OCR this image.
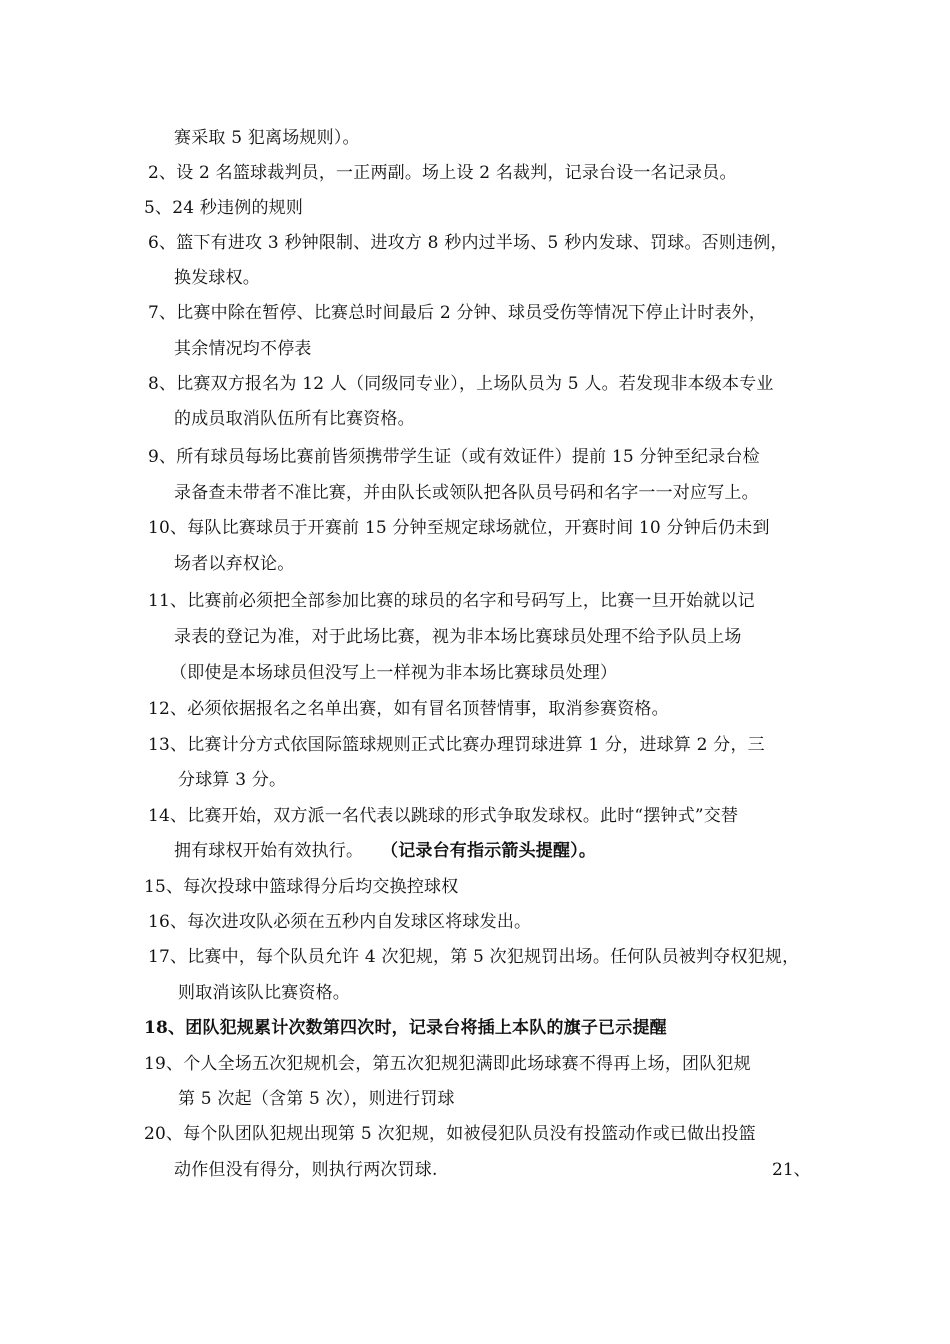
赛采取 5 犯离场规则）。
2、设 2 名篮球裁判员，一正两副。场上设 2 名裁判，记录台设一名记录员。
5、24 秒违例的规则
6、篮下有进攻 3 秒钟限制、进攻方 8 秒内过半场、5 秒内发球、罚球。否则违例，
换发球权。
7、比赛中除在暂停、比赛总时间最后 2 分钟、球员受伤等情况下停止计时表外，
其余情况均不停表
8、比赛双方报名为 12 人（同级同专业），上场队员为 5 人。若发现非本级本专业
的成员取消队伍所有比赛资格。
9、所有球员每场比赛前皆须携带学生证（或有效证件）提前 15 分钟至纪录台检
录备查未带者不准比赛，并由队长或领队把各队员号码和名字一一对应写上。
10、每队比赛球员于开赛前 15 分钟至规定球场就位，开赛时间 10 分钟后仍未到
场者以弃权论。
11、比赛前必须把全部参加比赛的球员的名字和号码写上，比赛一旦开始就以记
录表的登记为准，对于此场比赛，视为非本场比赛球员处理不给予队员上场
（即使是本场球员但没写上一样视为非本场比赛球员处理）
12、必须依据报名之名单出赛，如有冒名顶替情事，取消参赛资格。
13、比赛计分方式依国际篮球规则正式比赛办理罚球进算 1 分，进球算 2 分，三
分球算 3 分。
14、比赛开始，双方派一名代表以跳球的形式争取发球权。此时“摆钟式”交替
拥有球权开始有效执行。 （记录台有指示箭头提醒）。
15、每次投球中篮球得分后均交换控球权
16、每次进攻队必须在五秒内自发球区将球发出。
17、比赛中，每个队员允许 4 次犯规，第 5 次犯规罚出场。任何队员被判夺权犯规，
则取消该队比赛资格。
18、团队犯规累计次数第四次时，记录台将插上本队的旗子已示提醒
19、个人全场五次犯规机会，第五次犯规犯满即此场球赛不得再上场，团队犯规
第 5 次起（含第 5 次），则进行罚球
20、每个队团队犯规出现第 5 次犯规，如被侵犯队员没有投篮动作或已做出投篮
动作但没有得分，则执行两次罚球.	21、
